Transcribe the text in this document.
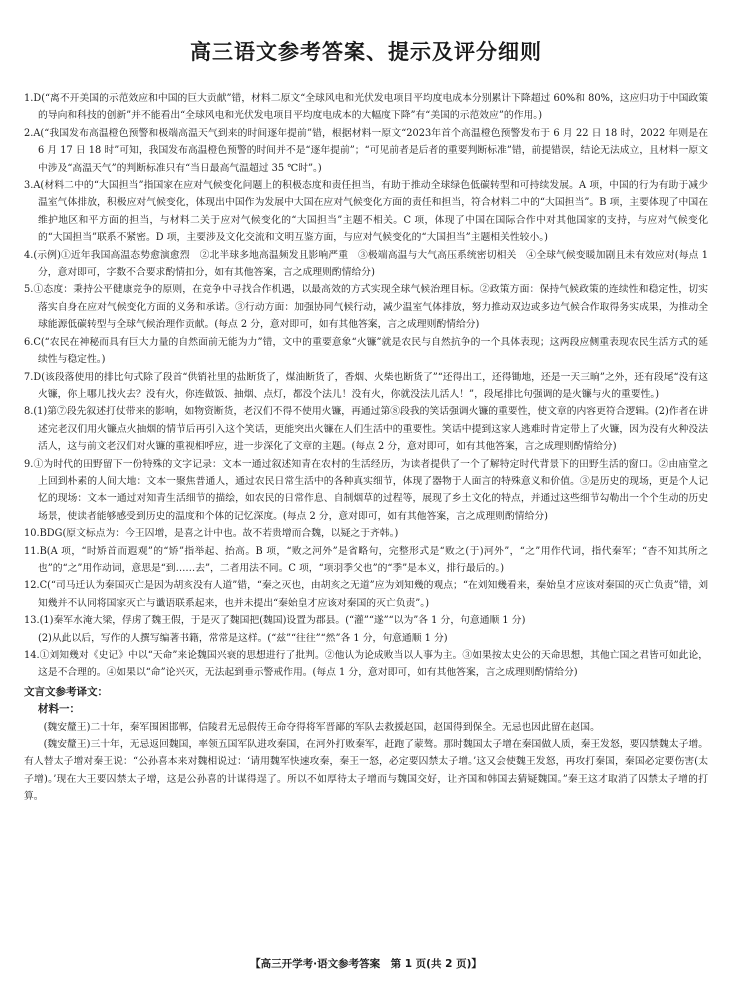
高三语文参考答案、提示及评分细则

1.D(“离不开美国的示范效应和中国的巨大贡献”错，材料二原文“全球风电和光伏发电项目平均度电成本分别累计下降超过 60%和 80%，这应归功于中国政策的导向和科技的创新”并不能看出“全球风电和光伏发电项目平均度电成本的大幅度下降”有“美国的示范效应”的作用。)

2.A(“我国发布高温橙色预警和极端高温天气到来的时间逐年提前”错，根据材料一原文“2023年首个高温橙色预警发布于 6 月 22 日 18 时，2022 年则是在 6 月 17 日 18 时”可知，我国发布高温橙色预警的时间并不是“逐年提前”；“可见前者是后者的重要判断标准”错，前提错误，结论无法成立，且材料一原文中涉及“高温天气”的判断标准只有“当日最高气温超过 35 ℃时”。)

3.A(材料二中的“大国担当”指国家在应对气候变化问题上的积极态度和责任担当，有助于推动全球绿色低碳转型和可持续发展。A 项，中国的行为有助于减少温室气体排放，积极应对气候变化，体现出中国作为发展中大国在应对气候变化方面的责任和担当，符合材料二中的“大国担当”。B 项，主要体现了中国在维护地区和平方面的担当，与材料二关于应对气候变化的“大国担当”主题不相关。C 项，体现了中国在国际合作中对其他国家的支持，与应对气候变化的“大国担当”联系不紧密。D 项，主要涉及文化交流和文明互鉴方面，与应对气候变化的“大国担当”主题相关性较小。)

4.(示例)①近年我国高温态势愈演愈烈　②北半球多地高温频发且影响严重　③极端高温与大气高压系统密切相关　④全球气候变暖加剧且未有效应对(每点 1 分，意对即可，字数不合要求酌情扣分，如有其他答案，言之成理则酌情给分)

5.①态度：秉持公平健康竞争的原则，在竞争中寻找合作机遇，以最高效的方式实现全球气候治理目标。②政策方面：保持气候政策的连续性和稳定性，切实落实自身在应对气候变化方面的义务和承诺。③行动方面：加强协同气候行动，减少温室气体排放，努力推动双边或多边气候合作取得务实成果，为推动全球能源低碳转型与全球气候治理作贡献。(每点 2 分，意对即可，如有其他答案，言之成理则酌情给分)

6.C(“农民在神秘而具有巨大力量的自然面前无能为力”错，文中的重要意象“火镰”就是农民与自然抗争的一个具体表现；这两段应侧重表现农民生活方式的延续性与稳定性。)

7.D(该段落使用的排比句式除了段首“供销社里的盐断货了，煤油断货了，香烟、火柴也断货了”“还得出工，还得锄地，还是一天三晌”之外，还有段尾“没有这火镰，你上哪儿找火去？没有火，你连做饭、抽烟、点灯，都没个法儿！没有火，你就没法儿活人！”，段尾排比句强调的是火镰与火的重要性。)

8.(1)第⑦段先叙述打仗带来的影响，如物资断货，老汉们不得不使用火镰，再通过第⑧段我的笑话强调火镰的重要性，使文章的内容更符合逻辑。(2)作者在讲述完老汉们用火镰点火抽烟的情节后再引入这个笑话，更能突出火镰在人们生活中的重要性。笑话中提到这家人逃难时肯定带上了火镰，因为没有火种没法活人，这与前文老汉们对火镰的重视相呼应，进一步深化了文章的主题。(每点 2 分，意对即可，如有其他答案，言之成理则酌情给分)

9.①为时代的田野留下一份特殊的文字记录：文本一通过叙述知青在农村的生活经历，为读者提供了一个了解特定时代背景下的田野生活的窗口。②由庙堂之上回到朴素的人间大地：文本一聚焦普通人，通过农民日常生活中的各种真实细节，体现了器物于人面言的特殊意义和价值。③是历史的现场，更是个人记忆的现场：文本一通过对知青生活细节的描绘，如农民的日常作息、自制烟草的过程等，展现了乡土文化的特点，并通过这些细节勾勒出一个个生动的历史场景，使读者能够感受到历史的温度和个体的记忆深度。(每点 2 分，意对即可，如有其他答案，言之成理则酌情给分)

10.BDG(原文标点为：今王囚增，是喜之计中也。故不若贵增而合魏，以疑之于齐韩。)

11.B(A 项，“时矫首而遐观”的“矫”指举起、抬高。B 项，“败之河外”是省略句，完整形式是“败之(于)河外”，“之”用作代词，指代秦军；“杳不知其所之也”的“之”用作动词，意思是“到……去”，二者用法不同。C 项，“项羽季父也”的“季”是本义，排行最后的。)

12.C(“司马迁认为秦国灭亡是因为胡亥没有人道”错，“秦之灭也，由胡亥之无道”应为刘知幾的观点；“在刘知幾看来，秦始皇才应该对秦国的灭亡负责”错，刘知幾并不认同将国家灭亡与谶语联系起来，也并未提出“秦始皇才应该对秦国的灭亡负责”。)

13.(1)秦军水淹大梁，俘虏了魏王假，于是灭了魏国把(魏国)设置为郡县。(“灌”“遂”“以为”各 1 分，句意通顺 1 分)

(2)从此以后，写作的人撰写编著书籍，常常是这样。(“兹”“往往”“然”各 1 分，句意通顺 1 分)

14.①刘知幾对《史记》中以“天命”来论魏国兴衰的思想进行了批判。②他认为论成败当以人事为主。③如果按太史公的天命思想，其他亡国之君皆可如此论，这是不合理的。④如果以“命”论兴灭，无法起到垂示警戒作用。(每点 1 分，意对即可，如有其他答案，言之成理则酌情给分)

文言文参考译文：

材料一：

(魏安釐王)二十年，秦军围困邯郸，信陵君无忌假传王命夺得将军晋鄙的军队去救援赵国，赵国得到保全。无忌也因此留在赵国。

(魏安釐王)三十年，无忌返回魏国，率领五国军队进攻秦国，在河外打败秦军，赶跑了蒙骜。那时魏国太子增在秦国做人质，秦王发怒，要囚禁魏太子增。有人替太子增对秦王说：“公孙喜本来对魏相说过：‘请用魏军快速攻秦，秦王一怒，必定要囚禁太子增。’这又会使魏王发怒，再攻打秦国，秦国必定要伤害(太子增)。’现在大王要囚禁太子增，这是公孙喜的计谋得逞了。所以不如厚待太子增而与魏国交好，让齐国和韩国去猜疑魏国。”秦王这才取消了囚禁太子增的打算。

【高三开学考·语文参考答案　第 1 页(共 2 页)】
